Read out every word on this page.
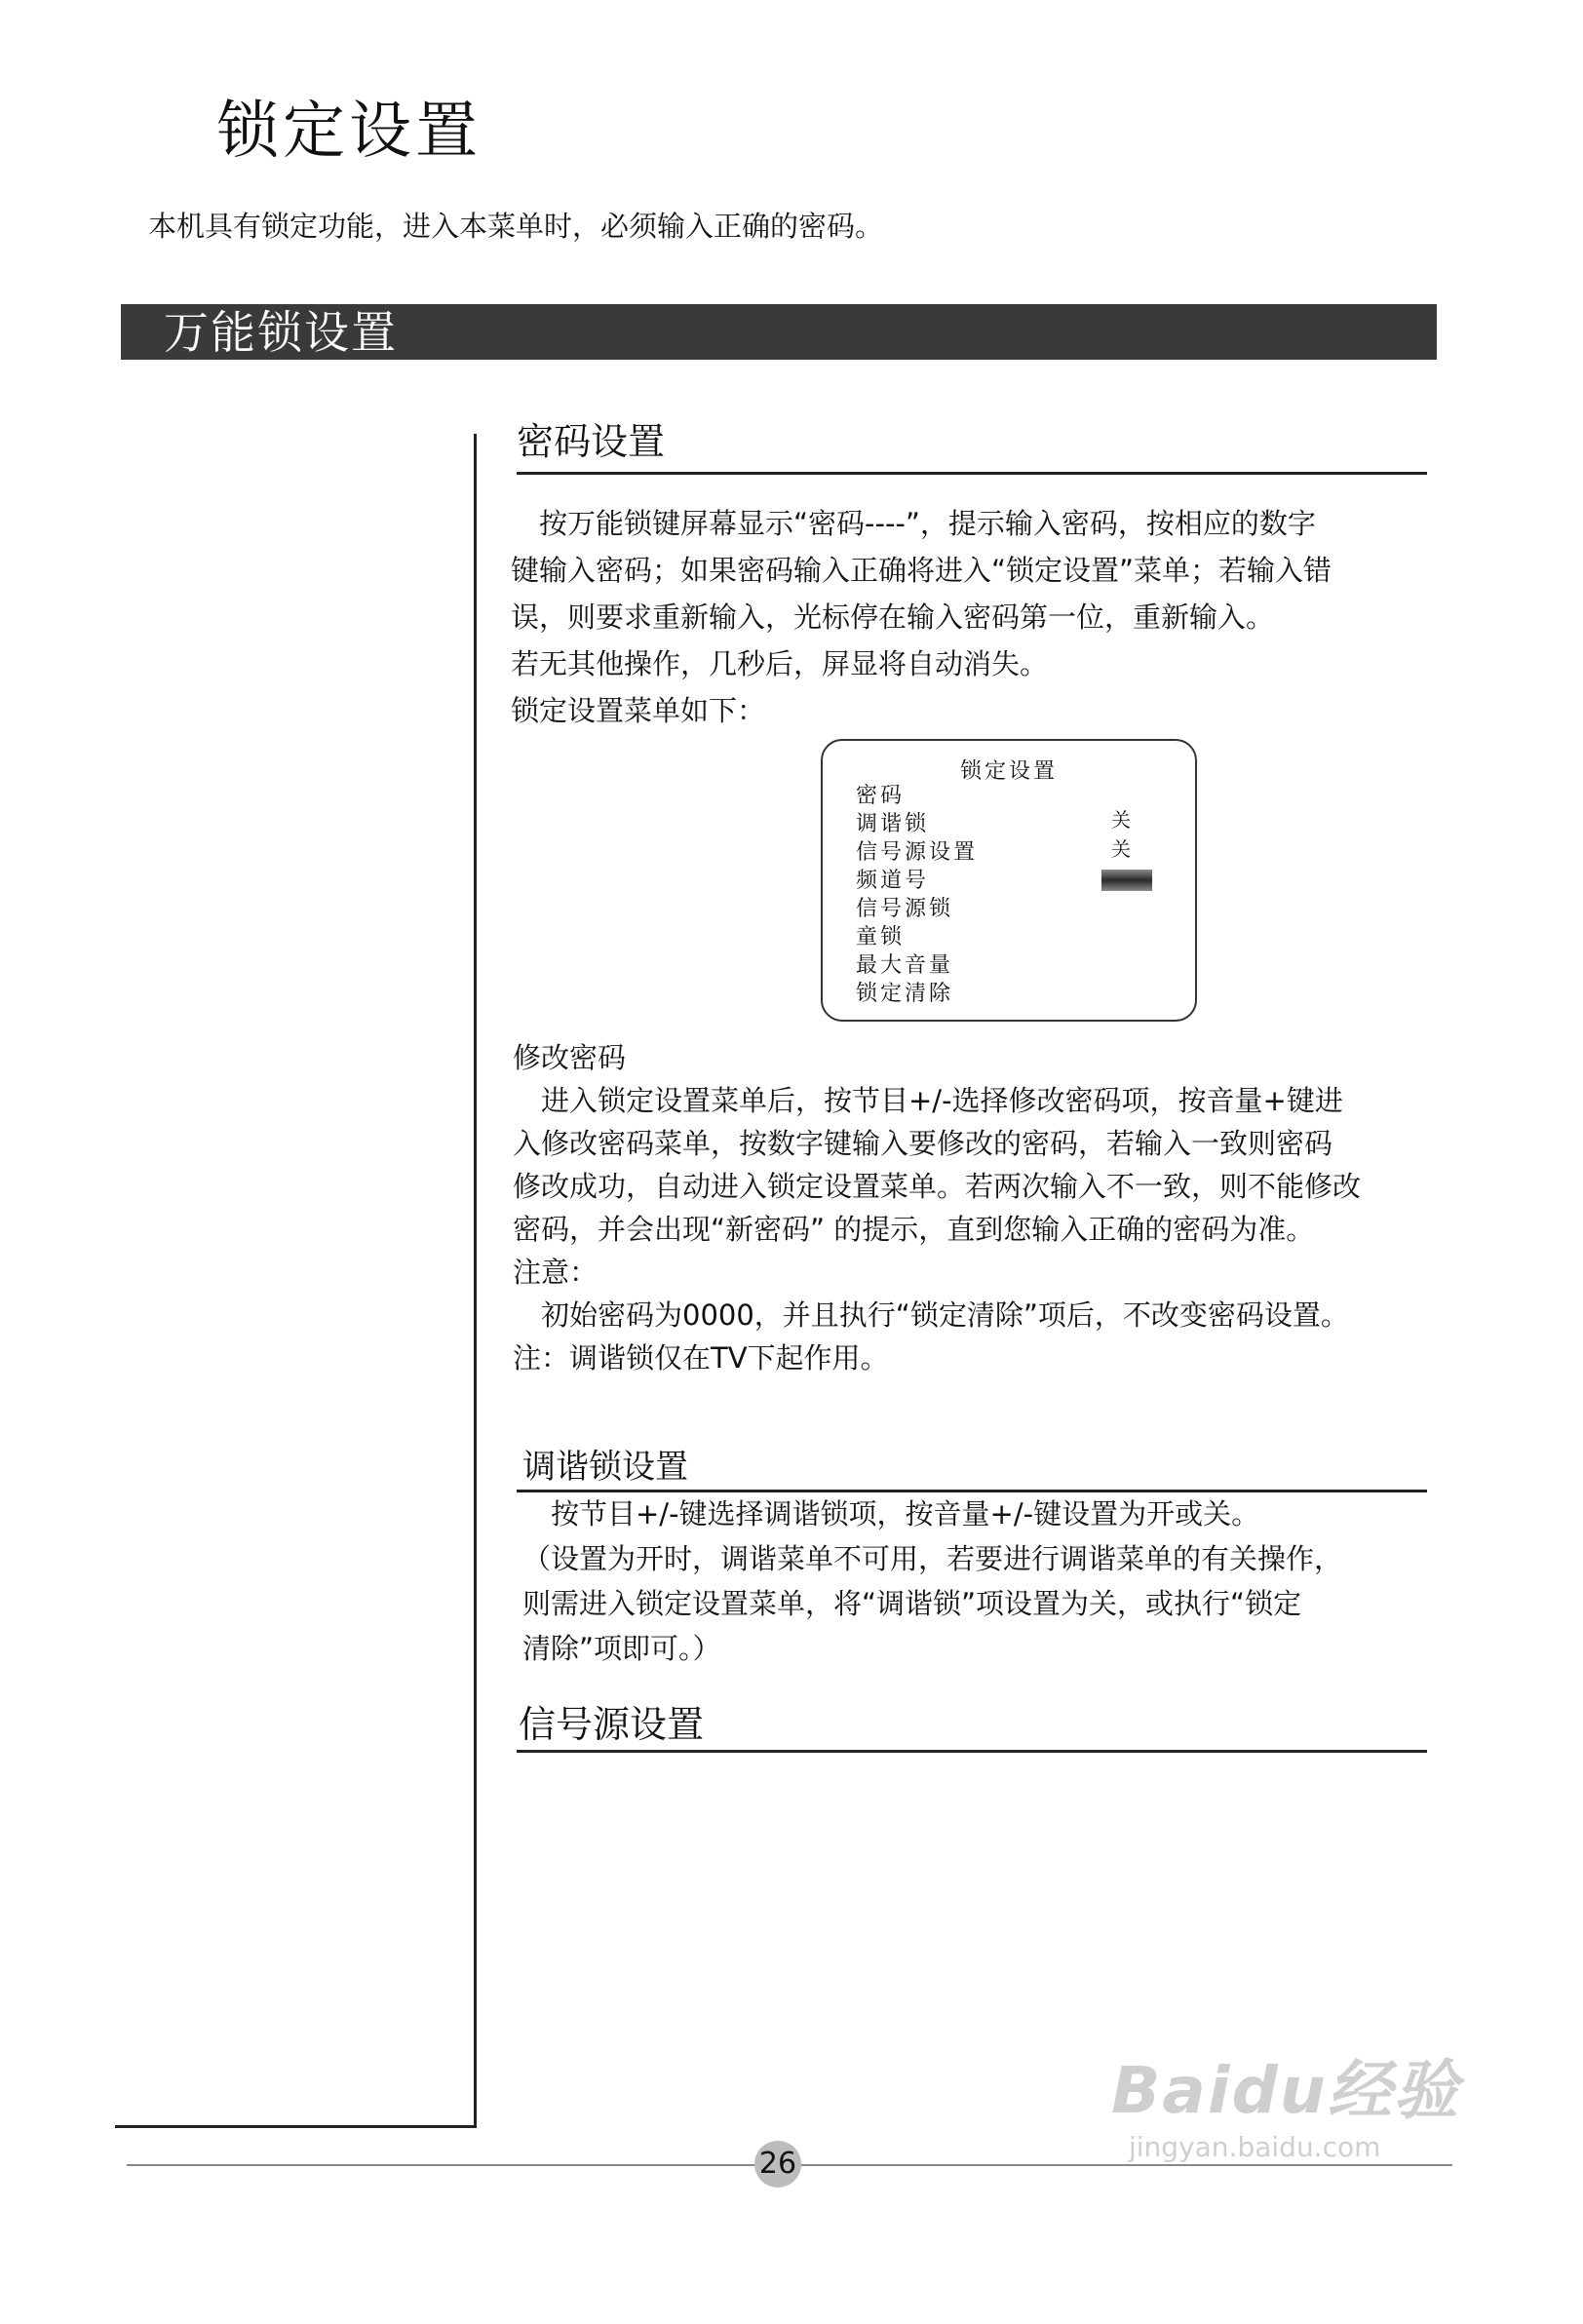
锁定设置
本机具有锁定功能，进入本菜单时，必须输入正确的密码。
万能锁设置
密码设置
　按万能锁键屏幕显示“密码----”，提示输入密码，按相应的数字
键输入密码；如果密码输入正确将进入“锁定设置”菜单；若输入错
误，则要求重新输入，光标停在输入密码第一位，重新输入。
若无其他操作，几秒后，屏显将自动消失。
锁定设置菜单如下：
锁定设置
密码
调谐锁
信号源设置
频道号
信号源锁
童锁
最大音量
锁定清除
关
关
修改密码
　进入锁定设置菜单后，按节目+/-选择修改密码项，按音量+键进
入修改密码菜单，按数字键输入要修改的密码，若输入一致则密码
修改成功，自动进入锁定设置菜单。若两次输入不一致，则不能修改
密码，并会出现“新密码” 的提示，直到您输入正确的密码为准。
注意：
　初始密码为0000，并且执行“锁定清除”项后，不改变密码设置。
注：调谐锁仅在TV下起作用。
调谐锁设置
　按节目+/-键选择调谐锁项，按音量+/-键设置为开或关。
（设置为开时，调谐菜单不可用，若要进行调谐菜单的有关操作，
则需进入锁定设置菜单，将“调谐锁”项设置为关，或执行“锁定
清除”项即可。）
信号源设置
26
Baidu经验
jingyan.baidu.com
